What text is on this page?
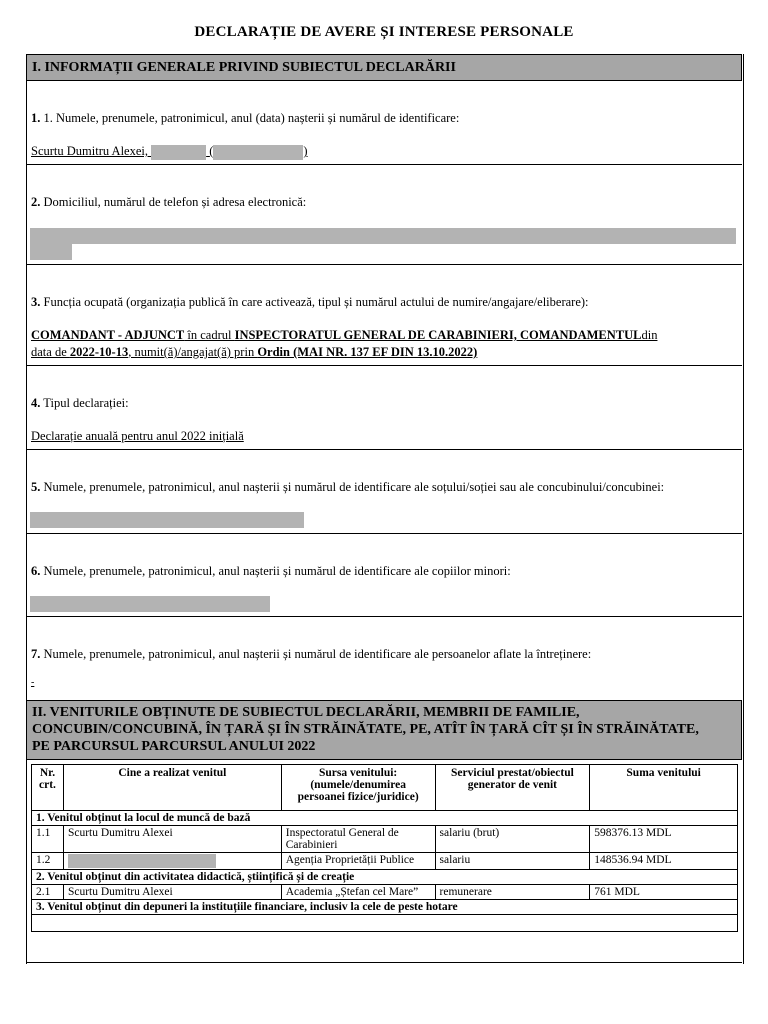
DECLARAȚIE DE AVERE ȘI INTERESE PERSONALE
I. INFORMAȚII GENERALE PRIVIND SUBIECTUL DECLARĂRII
1. 1. Numele, prenumele, patronimicul, anul (data) nașterii și numărul de identificare:
Scurtu Dumitru Alexei,	(	)
2. Domiciliul, numărul de telefon și adresa electronică:
3. Funcția ocupată (organizația publică în care activează, tipul și numărul actului de numire/angajare/eliberare):
COMANDANT - ADJUNCT în cadrul INSPECTORATUL GENERAL DE CARABINIERI, COMANDAMENTULdin
data de 2022-10-13, numit(ă)/angajat(ă) prin Ordin (MAI NR. 137 EF DIN 13.10.2022)
4. Tipul declarației:
Declarație anuală pentru anul 2022 inițială
5. Numele, prenumele, patronimicul, anul nașterii și numărul de identificare ale soțului/soției sau ale concubinului/concubinei:
6. Numele, prenumele, patronimicul, anul nașterii și numărul de identificare ale copiilor minori:
7. Numele, prenumele, patronimicul, anul nașterii și numărul de identificare ale persoanelor aflate la întreținere:
-
II. VENITURILE OBȚINUTE DE SUBIECTUL DECLARĂRII, MEMBRII DE FAMILIE,
CONCUBIN/CONCUBINĂ, ÎN ȚARĂ ȘI ÎN STRĂINĂTATE, PE, ATÎT ÎN ȚARĂ CÎT ȘI ÎN STRĂINĂTATE,
PE PARCURSUL PARCURSUL ANULUI 2022
Nr. crt.	Cine a realizat venitul	Sursa venitului: (numele/denumirea persoanei fizice/juridice)	Serviciul prestat/obiectul generator de venit	Suma venitului
1. Venitul obținut la locul de muncă de bază				
1.1	Scurtu Dumitru Alexei	Inspectoratul General de Carabinieri	salariu (brut)	598376.13 MDL
1.2		Agenția Proprietății Publice	salariu	148536.94 MDL
2. Venitul obținut din activitatea didactică, științifică și de creație				
2.1	Scurtu Dumitru Alexei	Academia „Ștefan cel Mare”	remunerare	761 MDL
3. Venitul obținut din depuneri la instituțiile financiare, inclusiv la cele de peste hotare				
